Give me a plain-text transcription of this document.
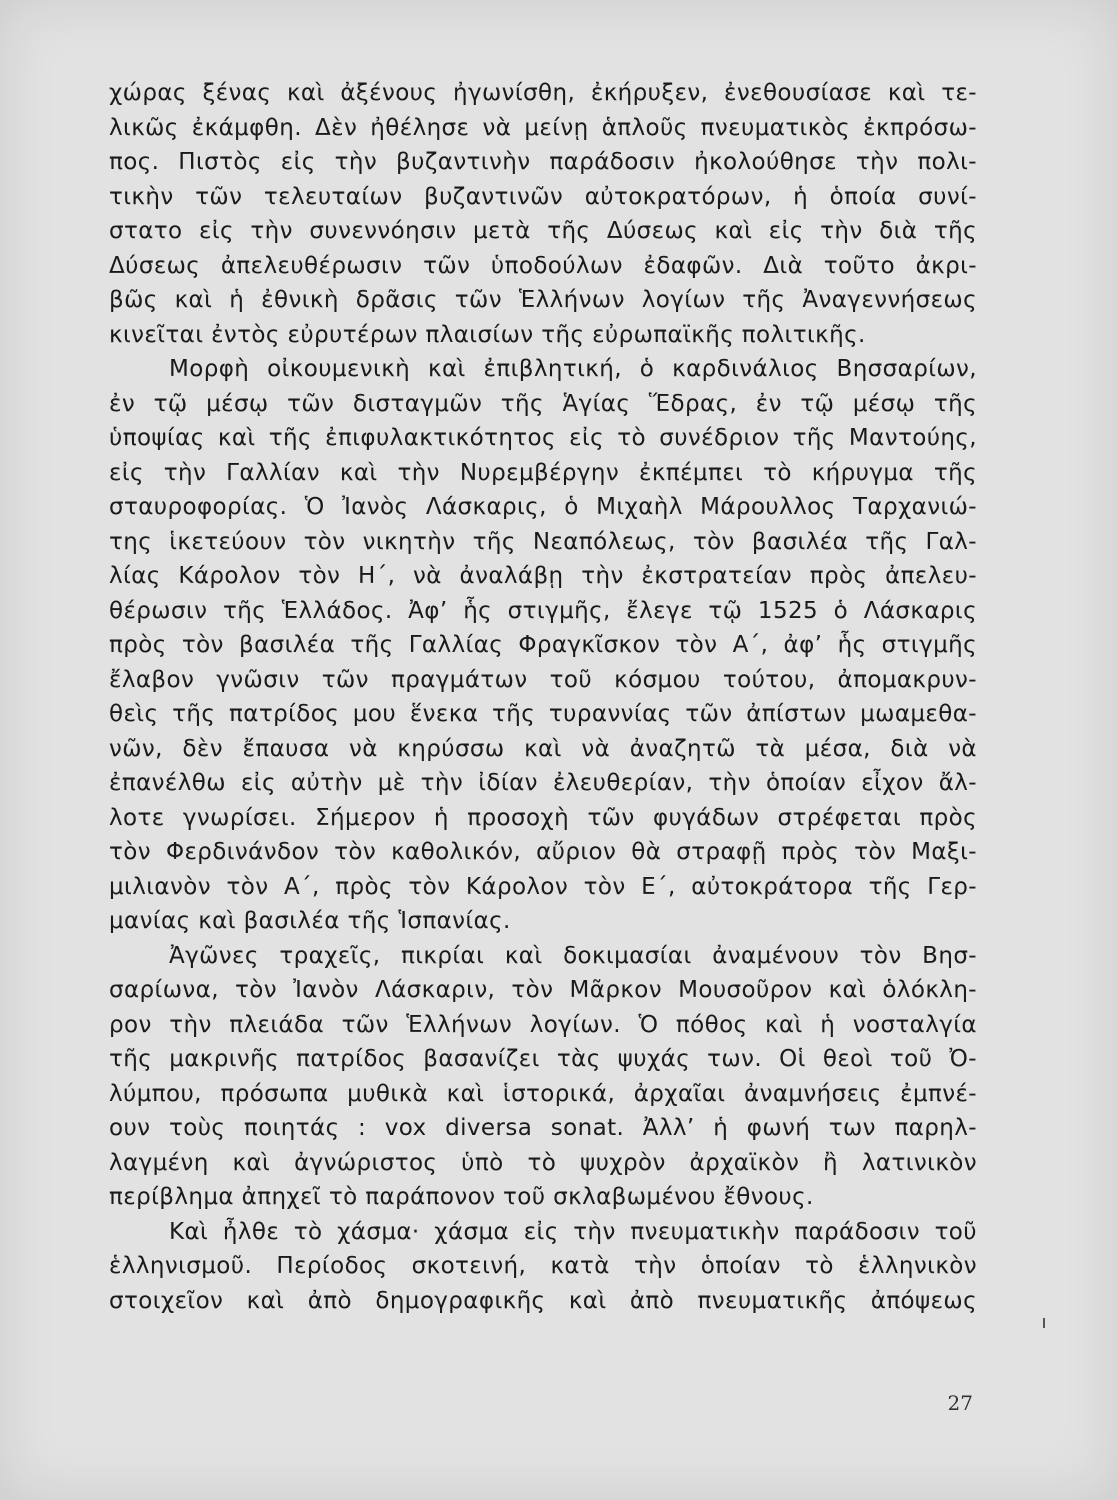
χώρας ξένας καὶ ἀξένους ἠγωνίσθη, ἐκήρυξεν, ἐνεθουσίασε καὶ τε-
λικῶς ἐκάμφθη. Δὲν ἠθέλησε νὰ μείνῃ ἁπλοῦς πνευματικὸς ἐκπρόσω-
πος. Πιστὸς εἰς τὴν βυζαντινὴν παράδοσιν ἠκολούθησε τὴν πολι-
τικὴν τῶν τελευταίων βυζαντινῶν αὐτοκρατόρων, ἡ ὁποία συνί-
στατο εἰς τὴν συνεννόησιν μετὰ τῆς Δύσεως καὶ εἰς τὴν διὰ τῆς
Δύσεως ἀπελευθέρωσιν τῶν ὑποδούλων ἐδαφῶν. Διὰ τοῦτο ἀκρι-
βῶς καὶ ἡ ἐθνικὴ δρᾶσις τῶν Ἑλλήνων λογίων τῆς Ἀναγεννήσεως
κινεῖται ἐντὸς εὐρυτέρων πλαισίων τῆς εὐρωπαϊκῆς πολιτικῆς.
Μορφὴ οἰκουμενικὴ καὶ ἐπιβλητική, ὁ καρδινάλιος Βησσαρίων,
ἐν τῷ μέσῳ τῶν δισταγμῶν τῆς Ἁγίας Ἕδρας, ἐν τῷ μέσῳ τῆς
ὑποψίας καὶ τῆς ἐπιφυλακτικότητος εἰς τὸ συνέδριον τῆς Μαντούης,
εἰς τὴν Γαλλίαν καὶ τὴν Νυρεμβέργην ἐκπέμπει τὸ κήρυγμα τῆς
σταυροφορίας. Ὁ Ἰανὸς Λάσκαρις, ὁ Μιχαὴλ Μάρουλλος Ταρχανιώ-
της ἱκετεύουν τὸν νικητὴν τῆς Νεαπόλεως, τὸν βασιλέα τῆς Γαλ-
λίας Κάρολον τὸν Η΄, νὰ ἀναλάβῃ τὴν ἐκστρατείαν πρὸς ἀπελευ-
θέρωσιν τῆς Ἑλλάδος. Ἀφ’ ἧς στιγμῆς, ἔλεγε τῷ 1525 ὁ Λάσκαρις
πρὸς τὸν βασιλέα τῆς Γαλλίας Φραγκῖσκον τὸν Α΄, ἀφ’ ἧς στιγμῆς
ἔλαβον γνῶσιν τῶν πραγμάτων τοῦ κόσμου τούτου, ἀπομακρυν-
θεὶς τῆς πατρίδος μου ἕνεκα τῆς τυραννίας τῶν ἀπίστων μωαμεθα-
νῶν, δὲν ἔπαυσα νὰ κηρύσσω καὶ νὰ ἀναζητῶ τὰ μέσα, διὰ νὰ
ἐπανέλθω εἰς αὐτὴν μὲ τὴν ἰδίαν ἐλευθερίαν, τὴν ὁποίαν εἶχον ἄλ-
λοτε γνωρίσει. Σήμερον ἡ προσοχὴ τῶν φυγάδων στρέφεται πρὸς
τὸν Φερδινάνδον τὸν καθολικόν, αὔριον θὰ στραφῇ πρὸς τὸν Μαξι-
μιλιανὸν τὸν Α΄, πρὸς τὸν Κάρολον τὸν Ε΄, αὐτοκράτορα τῆς Γερ-
μανίας καὶ βασιλέα τῆς Ἱσπανίας.
Ἀγῶνες τραχεῖς, πικρίαι καὶ δοκιμασίαι ἀναμένουν τὸν Βησ-
σαρίωνα, τὸν Ἰανὸν Λάσκαριν, τὸν Μᾶρκον Μουσοῦρον καὶ ὁλόκλη-
ρον τὴν πλειάδα τῶν Ἑλλήνων λογίων. Ὁ πόθος καὶ ἡ νοσταλγία
τῆς μακρινῆς πατρίδος βασανίζει τὰς ψυχάς των. Οἱ θεοὶ τοῦ Ὀ-
λύμπου, πρόσωπα μυθικὰ καὶ ἱστορικά, ἀρχαῖαι ἀναμνήσεις ἐμπνέ-
ουν τοὺς ποιητάς : vox diversa sonat. Ἀλλ’ ἡ φωνή των παρηλ-
λαγμένη καὶ ἀγνώριστος ὑπὸ τὸ ψυχρὸν ἀρχαϊκὸν ἢ λατινικὸν
περίβλημα ἀπηχεῖ τὸ παράπονον τοῦ σκλαβωμένου ἔθνους.
Καὶ ἦλθε τὸ χάσμα· χάσμα εἰς τὴν πνευματικὴν παράδοσιν τοῦ
ἑλληνισμοῦ. Περίοδος σκοτεινή, κατὰ τὴν ὁποίαν τὸ ἑλληνικὸν
στοιχεῖον καὶ ἀπὸ δημογραφικῆς καὶ ἀπὸ πνευματικῆς ἀπόψεως
27
